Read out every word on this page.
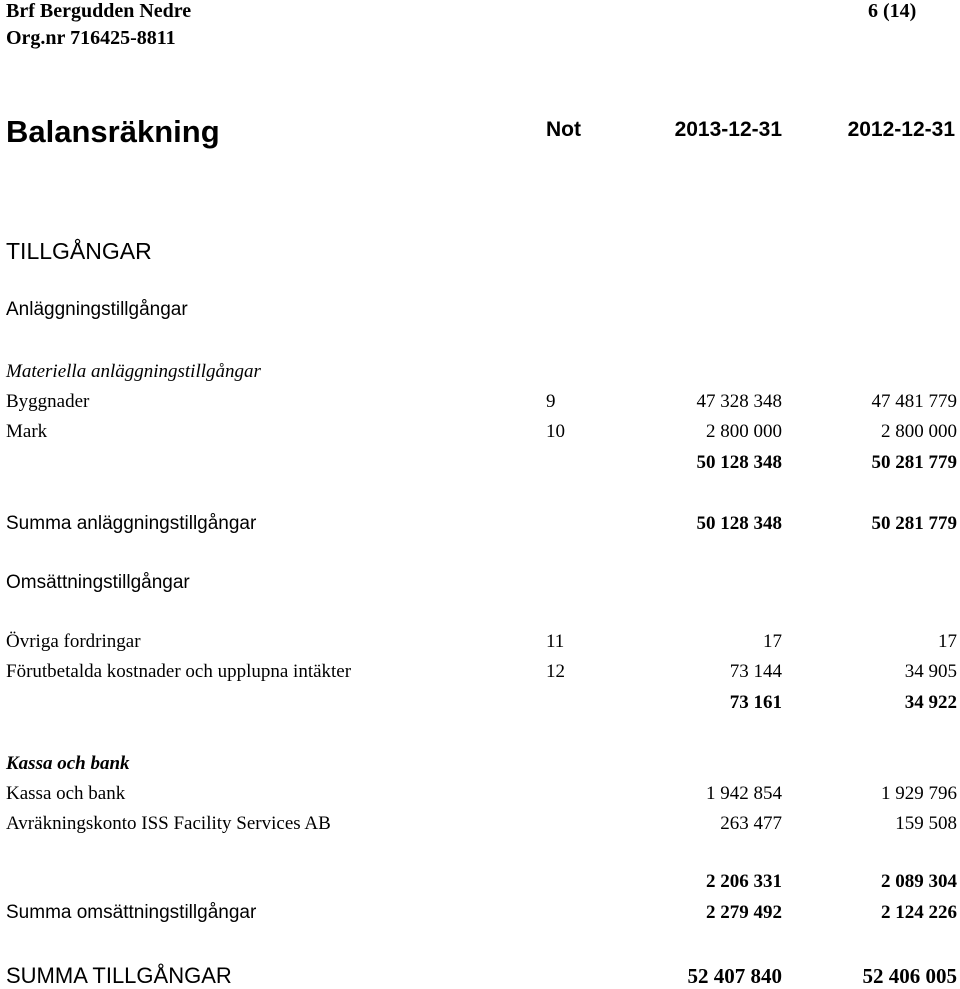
Brf Bergudden Nedre
Org.nr 716425-8811
6 (14)
Balansräkning	Not	2013-12-31	2012-12-31
TILLGÅNGAR
Anläggningstillgångar
Materiella anläggningstillgångar
Byggnader	9	47 328 348	47 481 779
Mark	10	2 800 000	2 800 000
50 128 348	50 281 779
Summa anläggningstillgångar	50 128 348	50 281 779
Omsättningstillgångar
Övriga fordringar	11	17	17
Förutbetalda kostnader och upplupna intäkter	12	73 144	34 905
73 161	34 922
Kassa och bank
Kassa och bank	1 942 854	1 929 796
Avräkningskonto ISS Facility Services AB	263 477	159 508
2 206 331	2 089 304
Summa omsättningstillgångar	2 279 492	2 124 226
SUMMA TILLGÅNGAR	52 407 840	52 406 005
